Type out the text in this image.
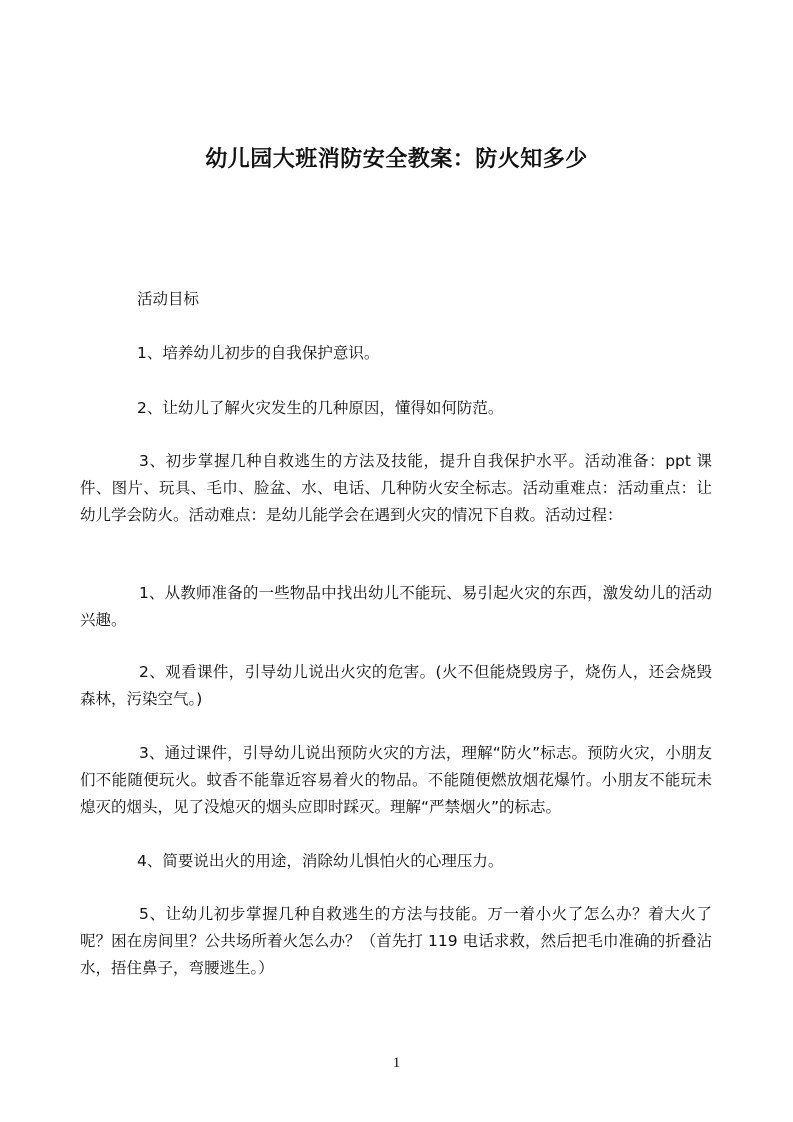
幼儿园大班消防安全教案：防火知多少
活动目标
1、培养幼儿初步的自我保护意识。
2、让幼儿了解火灾发生的几种原因，懂得如何防范。
3、初步掌握几种自救逃生的方法及技能，提升自我保护水平。活动准备：ppt 课件、图片、玩具、毛巾、脸盆、水、电话、几种防火安全标志。活动重难点：活动重点：让幼儿学会防火。活动难点：是幼儿能学会在遇到火灾的情况下自救。活动过程：
1、从教师准备的一些物品中找出幼儿不能玩、易引起火灾的东西，激发幼儿的活动兴趣。
2、观看课件，引导幼儿说出火灾的危害。(火不但能烧毁房子，烧伤人，还会烧毁森林，污染空气。)
3、通过课件，引导幼儿说出预防火灾的方法，理解“防火”标志。预防火灾，小朋友们不能随便玩火。蚊香不能靠近容易着火的物品。不能随便燃放烟花爆竹。小朋友不能玩未熄灭的烟头，见了没熄灭的烟头应即时踩灭。理解“严禁烟火”的标志。
4、简要说出火的用途，消除幼儿惧怕火的心理压力。
5、让幼儿初步掌握几种自救逃生的方法与技能。万一着小火了怎么办？着大火了呢？困在房间里？公共场所着火怎么办？（首先打 119 电话求救，然后把毛巾准确的折叠沾水，捂住鼻子，弯腰逃生。）
1
